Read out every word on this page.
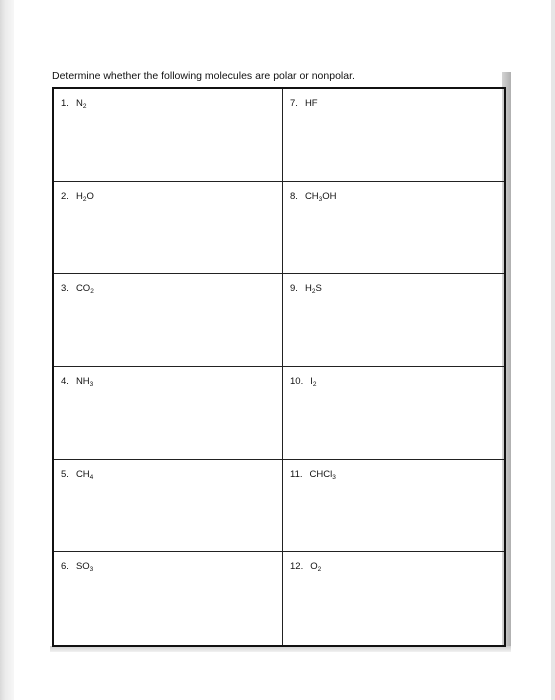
Determine whether the following molecules are polar or nonpolar.
1. $N_2$	7. HF
2. $H_2O$	8. $CH_3OH$
3. $CO_2$	9. $H_2S$
4. $NH_3$	10. $I_2$
5. $CH_4$	11. CHCl$_3$
6. $SO_3$	12. $O_2$
